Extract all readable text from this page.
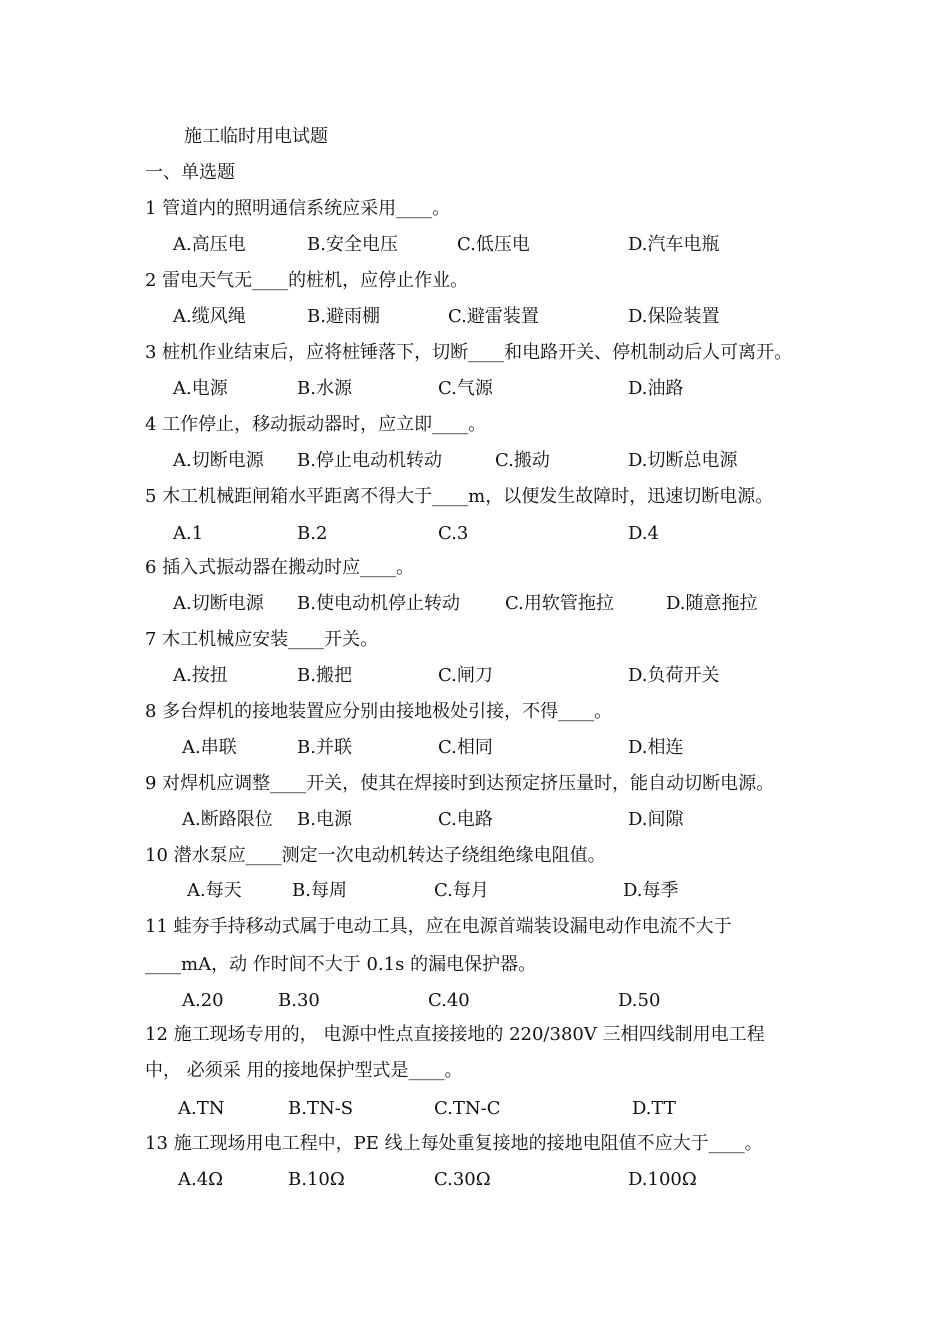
施工临时用电试题
一、单选题
1 管道内的照明通信系统应采用____。
A.高压电	B.安全电压	C.低压电	D.汽车电瓶
2 雷电天气无____的桩机，应停止作业。
A.缆风绳	B.避雨棚	C.避雷装置	D.保险装置
3 桩机作业结束后，应将桩锤落下，切断____和电路开关、停机制动后人可离开。
A.电源	B.水源	C.气源	D.油路
4 工作停止，移动振动器时，应立即____。
A.切断电源 B.停止电动机转动	C.搬动	D.切断总电源
5 木工机械距闸箱水平距离不得大于____m，以便发生故障时，迅速切断电源。
A.1	B.2	C.3	D.4
6 插入式振动器在搬动时应____。
A.切断电源 B.使电动机停止转动	C.用软管拖拉	D.随意拖拉
7 木工机械应安装____开关。
A.按扭	B.搬把	C.闸刀	D.负荷开关
8 多台焊机的接地装置应分别由接地极处引接，不得____。
A.串联	B.并联	C.相同	D.相连
9 对焊机应调整____开关，使其在焊接时到达预定挤压量时，能自动切断电源。
A.断路限位 B.电源	C.电路	D.间隙
10 潜水泵应____测定一次电动机转达子绕组绝缘电阻值。
A.每天	B.每周	C.每月	D.每季
11 蛙夯手持移动式属于电动工具，应在电源首端装设漏电动作电流不大于
____mA，动 作时间不大于 0.1s 的漏电保护器。
A.20	B.30	C.40	D.50
12 施工现场专用的， 电源中性点直接接地的 220/380V 三相四线制用电工程
中， 必须采 用的接地保护型式是____。
A.TN	B.TN-S	C.TN-C	D.TT
13 施工现场用电工程中，PE 线上每处重复接地的接地电阻值不应大于____。
A.4Ω	B.10Ω	C.30Ω	D.100Ω
